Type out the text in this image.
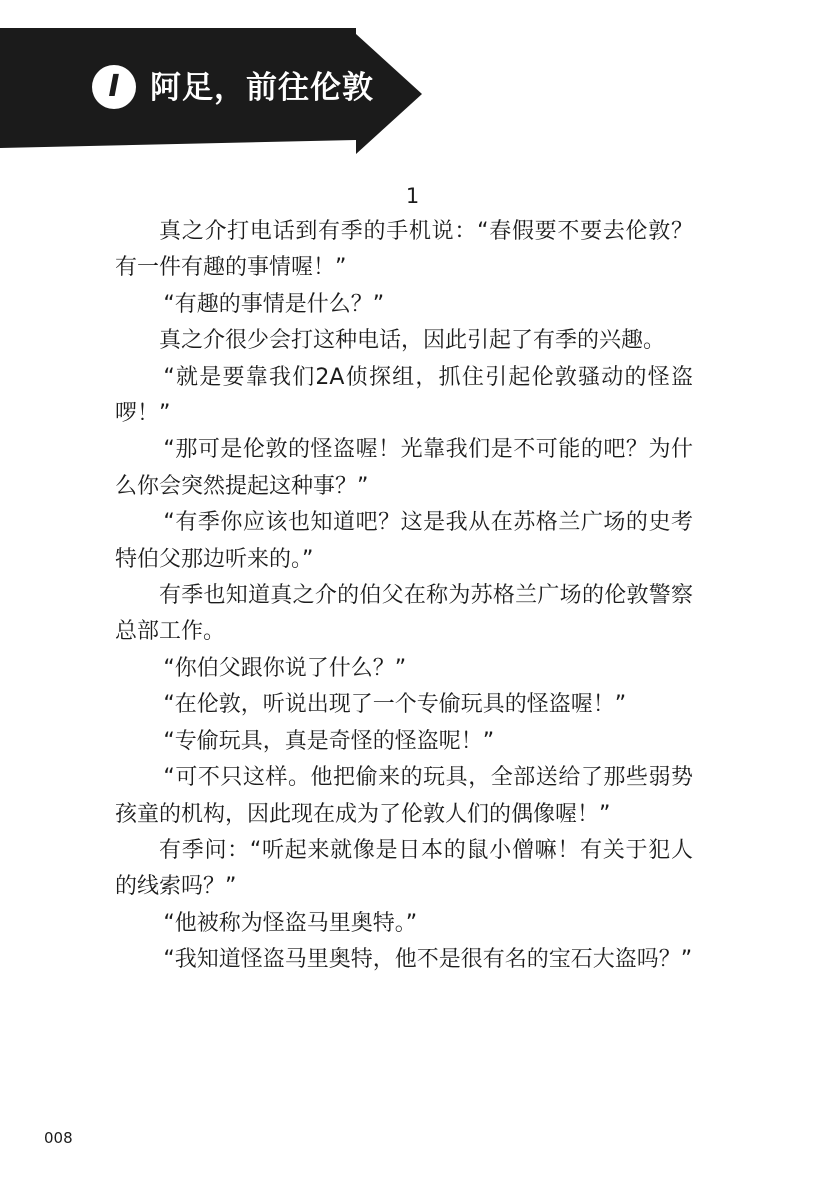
I 阿足，前往伦敦
1

真之介打电话到有季的手机说：“春假要不要去伦敦？有一件有趣的事情喔！”

“有趣的事情是什么？”

真之介很少会打这种电话，因此引起了有季的兴趣。

“就是要靠我们2A侦探组，抓住引起伦敦骚动的怪盗啰！”

“那可是伦敦的怪盗喔！光靠我们是不可能的吧？为什么你会突然提起这种事？”

“有季你应该也知道吧？这是我从在苏格兰广场的史考特伯父那边听来的。”

有季也知道真之介的伯父在称为苏格兰广场的伦敦警察总部工作。

“你伯父跟你说了什么？”

“在伦敦，听说出现了一个专偷玩具的怪盗喔！”

“专偷玩具，真是奇怪的怪盗呢！”

“可不只这样。他把偷来的玩具，全部送给了那些弱势孩童的机构，因此现在成为了伦敦人们的偶像喔！”

有季问：“听起来就像是日本的鼠小僧嘛！有关于犯人的线索吗？”

“他被称为怪盗马里奥特。”

“我知道怪盗马里奥特，他不是很有名的宝石大盗吗？”

008
